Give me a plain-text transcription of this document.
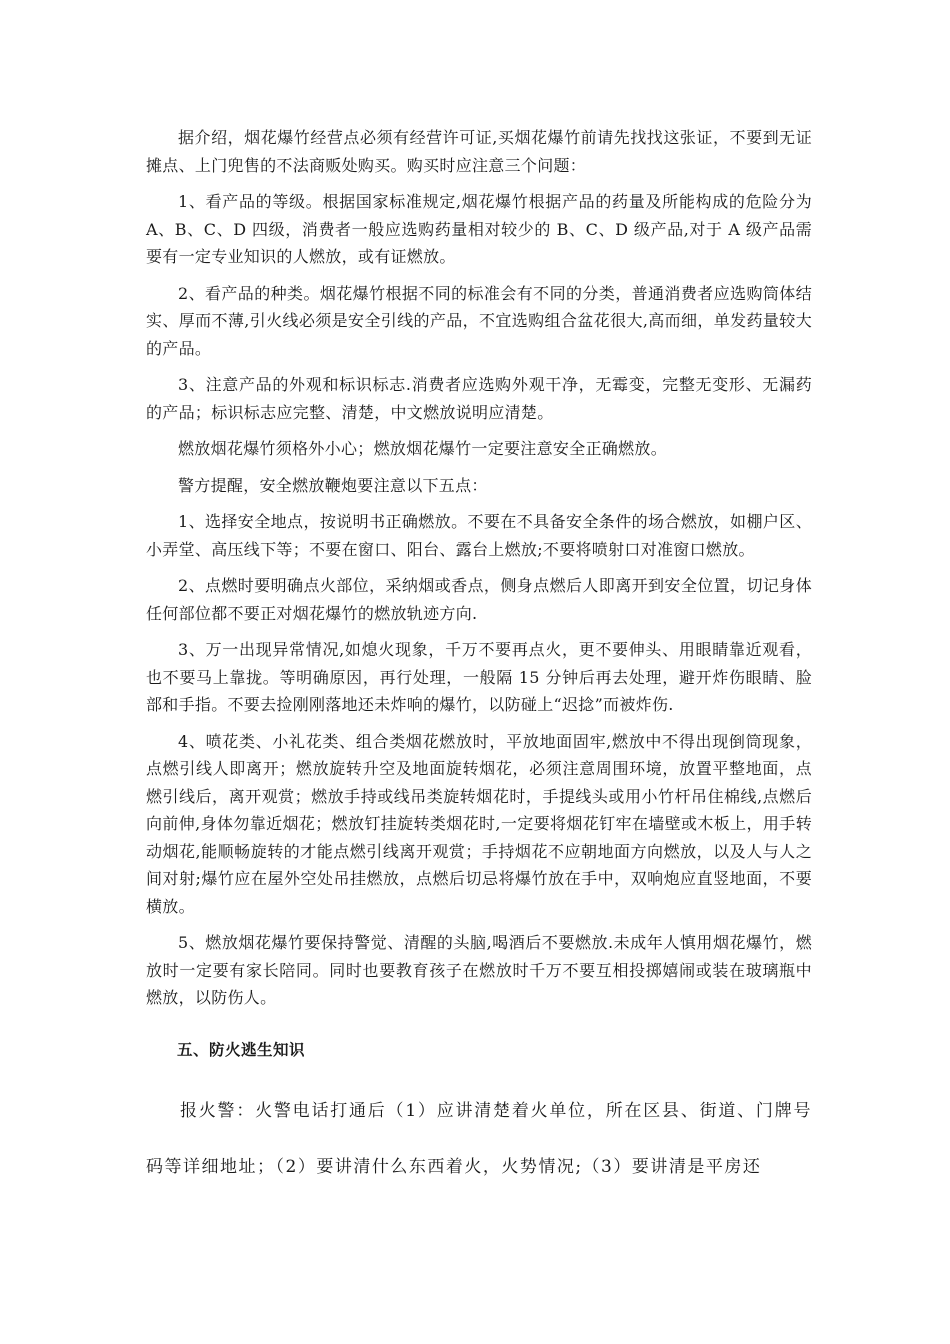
据介绍，烟花爆竹经营点必须有经营许可证,买烟花爆竹前请先找找这张证，不要到无证摊点、上门兜售的不法商贩处购买。购买时应注意三个问题：

1、看产品的等级。根据国家标准规定,烟花爆竹根据产品的药量及所能构成的危险分为 A、B、C、D 四级，消费者一般应选购药量相对较少的 B、C、D 级产品,对于 A 级产品需要有一定专业知识的人燃放，或有证燃放。

2、看产品的种类。烟花爆竹根据不同的标准会有不同的分类，普通消费者应选购筒体结实、厚而不薄,引火线必须是安全引线的产品，不宜选购组合盆花很大,高而细，单发药量较大的产品。

3、注意产品的外观和标识标志.消费者应选购外观干净，无霉变，完整无变形、无漏药的产品；标识标志应完整、清楚，中文燃放说明应清楚。

燃放烟花爆竹须格外小心；燃放烟花爆竹一定要注意安全正确燃放。

警方提醒，安全燃放鞭炮要注意以下五点：

1、选择安全地点，按说明书正确燃放。不要在不具备安全条件的场合燃放，如棚户区、小弄堂、高压线下等；不要在窗口、阳台、露台上燃放;不要将喷射口对准窗口燃放。

2、点燃时要明确点火部位，采纳烟或香点，侧身点燃后人即离开到安全位置，切记身体任何部位都不要正对烟花爆竹的燃放轨迹方向.

3、万一出现异常情况,如熄火现象，千万不要再点火，更不要伸头、用眼睛靠近观看，也不要马上靠拢。等明确原因，再行处理，一般隔 15 分钟后再去处理，避开炸伤眼睛、脸部和手指。不要去捡刚刚落地还未炸响的爆竹，以防碰上“迟捻”而被炸伤.

4、喷花类、小礼花类、组合类烟花燃放时，平放地面固牢,燃放中不得出现倒筒现象，点燃引线人即离开；燃放旋转升空及地面旋转烟花，必须注意周围环境，放置平整地面，点燃引线后，离开观赏；燃放手持或线吊类旋转烟花时，手提线头或用小竹杆吊住棉线,点燃后向前伸,身体勿靠近烟花；燃放钉挂旋转类烟花时,一定要将烟花钉牢在墙壁或木板上，用手转动烟花,能顺畅旋转的才能点燃引线离开观赏；手持烟花不应朝地面方向燃放，以及人与人之间对射;爆竹应在屋外空处吊挂燃放，点燃后切忌将爆竹放在手中，双响炮应直竖地面，不要横放。

5、燃放烟花爆竹要保持警觉、清醒的头脑,喝酒后不要燃放.未成年人慎用烟花爆竹，燃放时一定要有家长陪同。同时也要教育孩子在燃放时千万不要互相投掷嬉闹或装在玻璃瓶中燃放，以防伤人。

五、防火逃生知识

报火警：火警电话打通后（1）应讲清楚着火单位，所在区县、街道、门牌号码等详细地址；（2）要讲清什么东西着火，火势情况;（3）要讲清是平房还
